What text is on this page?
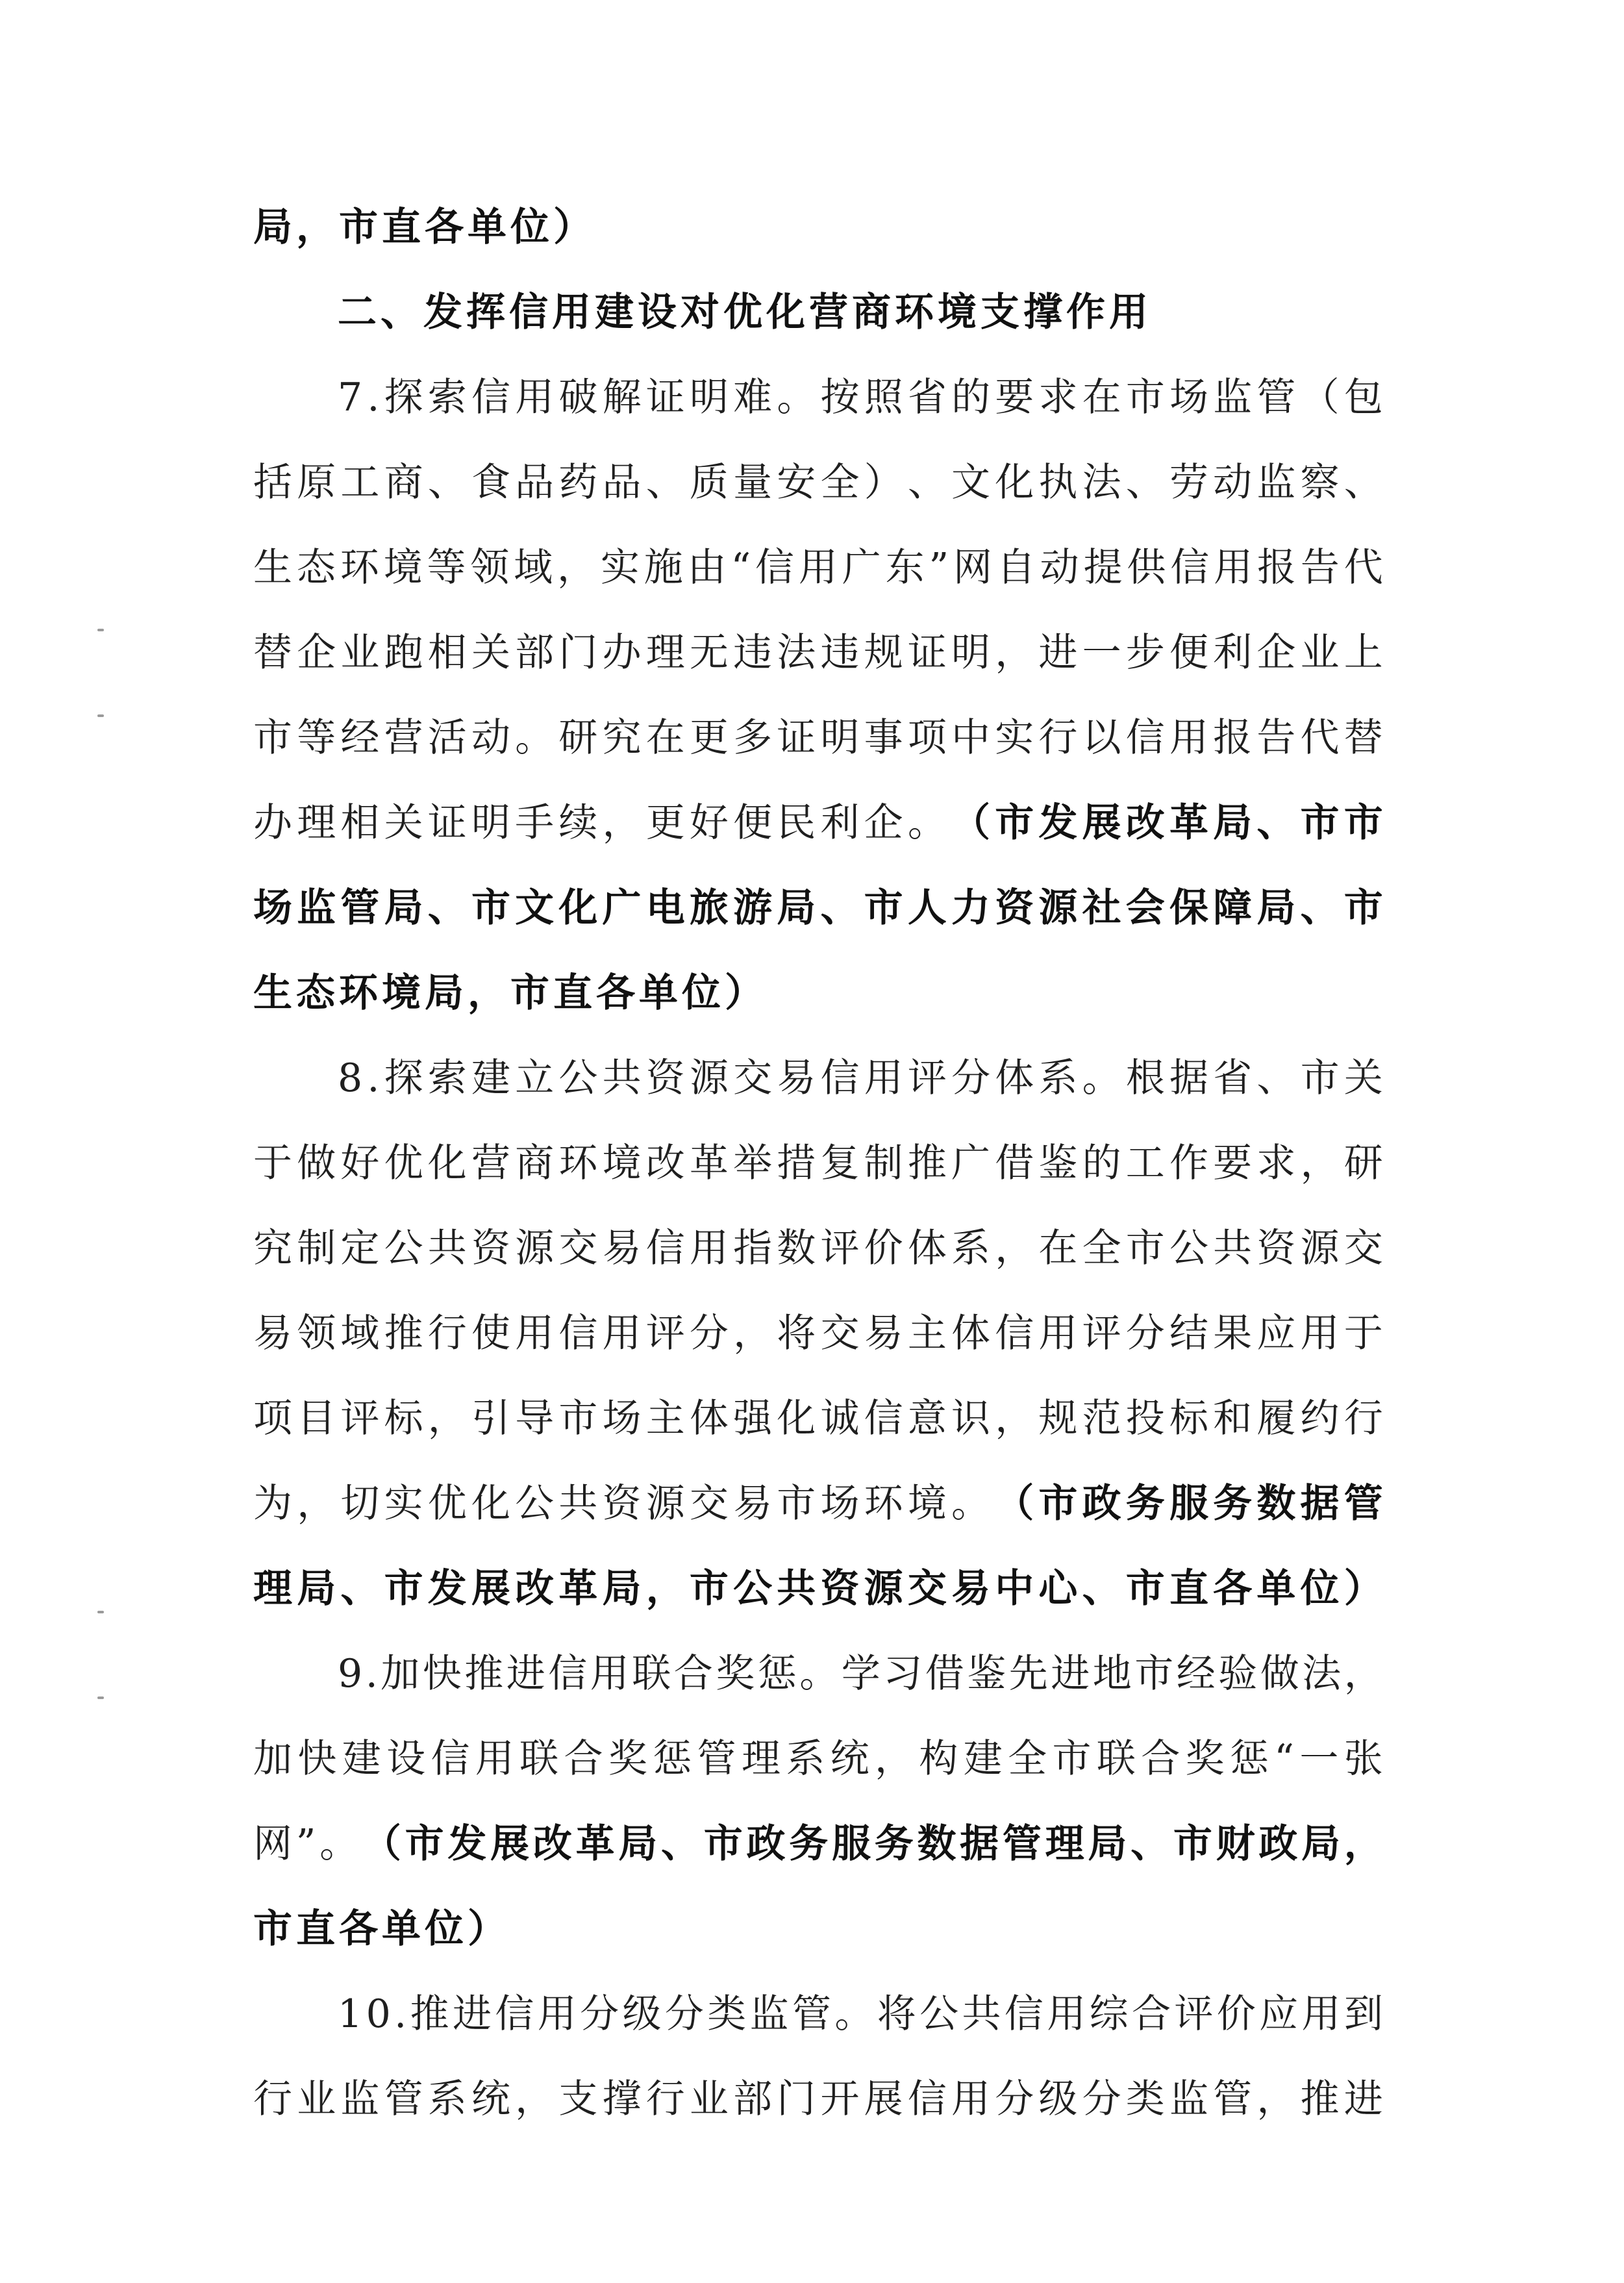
局，市直各单位）
二、发挥信用建设对优化营商环境支撑作用
7 . 探 索 信 用 破 解 证 明 难 。 按 照 省 的 要 求 在 市 场 监 管 （ 包
括 原 工 商 、 食 品 药 品 、 质 量 安 全 ） 、 文 化 执 法 、 劳 动 监 察 、
生 态 环 境 等 领 域 ， 实 施 由 “ 信 用 广 东 ” 网 自 动 提 供 信 用 报 告 代
替 企 业 跑 相 关 部 门 办 理 无 违 法 违 规 证 明 ， 进 一 步 便 利 企 业 上
市 等 经 营 活 动 。 研 究 在 更 多 证 明 事 项 中 实 行 以 信 用 报 告 代 替
办 理 相 关 证 明 手 续 ， 更 好 便 民 利 企 。 （ 市 发 展 改 革 局 、 市 市
场 监 管 局 、 市 文 化 广 电 旅 游 局 、 市 人 力 资 源 社 会 保 障 局 、 市
生态环境局，市直各单位）
8 . 探 索 建 立 公 共 资 源 交 易 信 用 评 分 体 系 。 根 据 省 、 市 关
于 做 好 优 化 营 商 环 境 改 革 举 措 复 制 推 广 借 鉴 的 工 作 要 求 ， 研
究 制 定 公 共 资 源 交 易 信 用 指 数 评 价 体 系 ， 在 全 市 公 共 资 源 交
易 领 域 推 行 使 用 信 用 评 分 ， 将 交 易 主 体 信 用 评 分 结 果 应 用 于
项 目 评 标 ， 引 导 市 场 主 体 强 化 诚 信 意 识 ， 规 范 投 标 和 履 约 行
为 ， 切 实 优 化 公 共 资 源 交 易 市 场 环 境 。 （ 市 政 务 服 务 数 据 管
理 局 、 市 发 展 改 革 局 ， 市 公 共 资 源 交 易 中 心 、 市 直 各 单 位 ）
9 . 加 快 推 进 信 用 联 合 奖 惩 。 学 习 借 鉴 先 进 地 市 经 验 做 法 ，
加 快 建 设 信 用 联 合 奖 惩 管 理 系 统 ， 构 建 全 市 联 合 奖 惩 “ 一 张
网 ” 。 （ 市 发 展 改 革 局 、 市 政 务 服 务 数 据 管 理 局 、 市 财 政 局 ，
市直各单位）
1 0 . 推 进 信 用 分 级 分 类 监 管 。 将 公 共 信 用 综 合 评 价 应 用 到
行 业 监 管 系 统 ， 支 撑 行 业 部 门 开 展 信 用 分 级 分 类 监 管 ， 推 进
